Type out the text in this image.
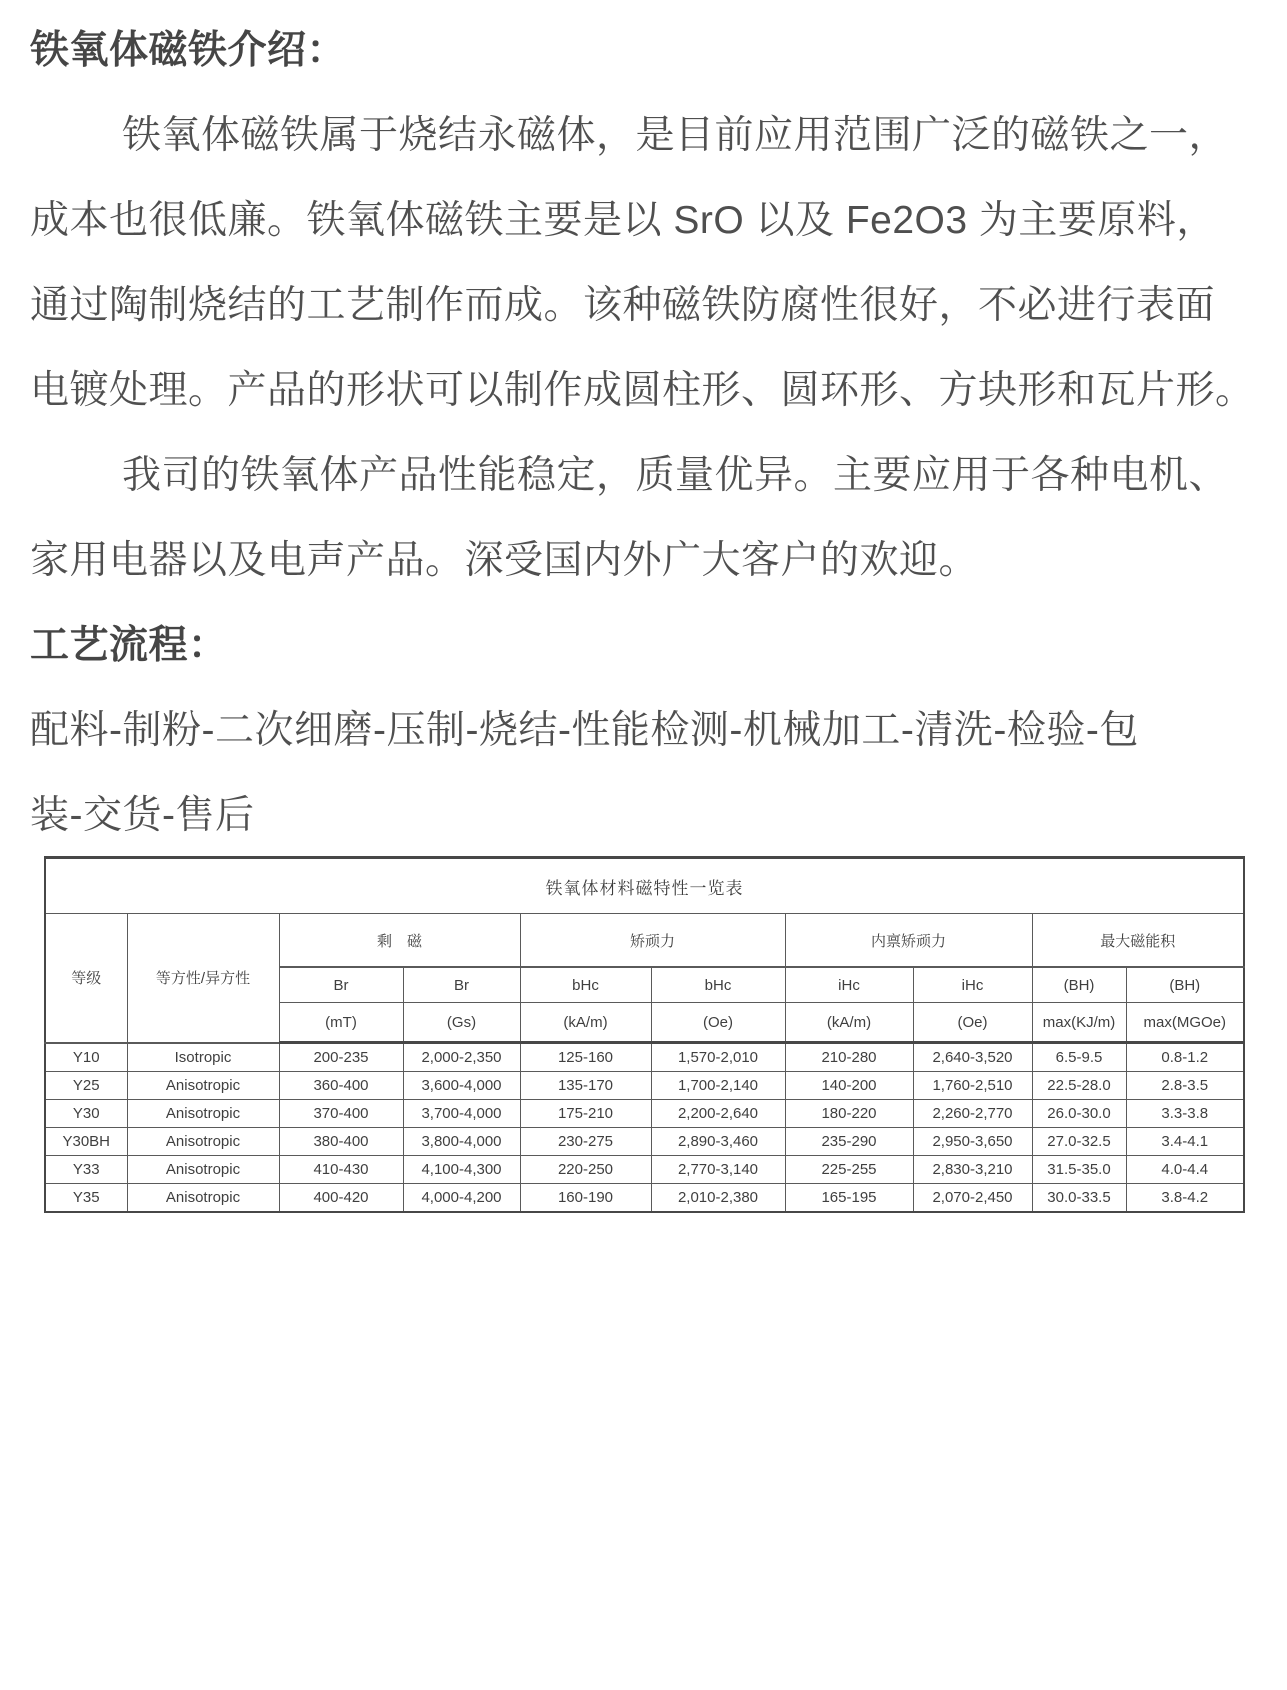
铁氧体磁铁介绍：
铁氧体磁铁属于烧结永磁体，是目前应用范围广泛的磁铁之一，
成本也很低廉。铁氧体磁铁主要是以 SrO 以及 Fe2O3 为主要原料，
通过陶制烧结的工艺制作而成。该种磁铁防腐性很好，不必进行表面
电镀处理。产品的形状可以制作成圆柱形、圆环形、方块形和瓦片形。
我司的铁氧体产品性能稳定，质量优异。主要应用于各种电机、
家用电器以及电声产品。深受国内外广大客户的欢迎。
工艺流程：
配料-制粉-二次细磨-压制-烧结-性能检测-机械加工-清洗-检验-包
装-交货-售后
铁氧体材料磁特性一览表									
等级	等方性/异方性	剩　磁		矫顽力		内禀矫顽力		最大磁能积	
		Br	Br	bHc	bHc	iHc	iHc	(BH)	(BH)
		(mT)	(Gs)	(kA/m)	(Oe)	(kA/m)	(Oe)	max(KJ/m)	max(MGOe)
Y10	Isotropic	200-235	2,000-2,350	125-160	1,570-2,010	210-280	2,640-3,520	6.5-9.5	0.8-1.2
Y25	Anisotropic	360-400	3,600-4,000	135-170	1,700-2,140	140-200	1,760-2,510	22.5-28.0	2.8-3.5
Y30	Anisotropic	370-400	3,700-4,000	175-210	2,200-2,640	180-220	2,260-2,770	26.0-30.0	3.3-3.8
Y30BH	Anisotropic	380-400	3,800-4,000	230-275	2,890-3,460	235-290	2,950-3,650	27.0-32.5	3.4-4.1
Y33	Anisotropic	410-430	4,100-4,300	220-250	2,770-3,140	225-255	2,830-3,210	31.5-35.0	4.0-4.4
Y35	Anisotropic	400-420	4,000-4,200	160-190	2,010-2,380	165-195	2,070-2,450	30.0-33.5	3.8-4.2
